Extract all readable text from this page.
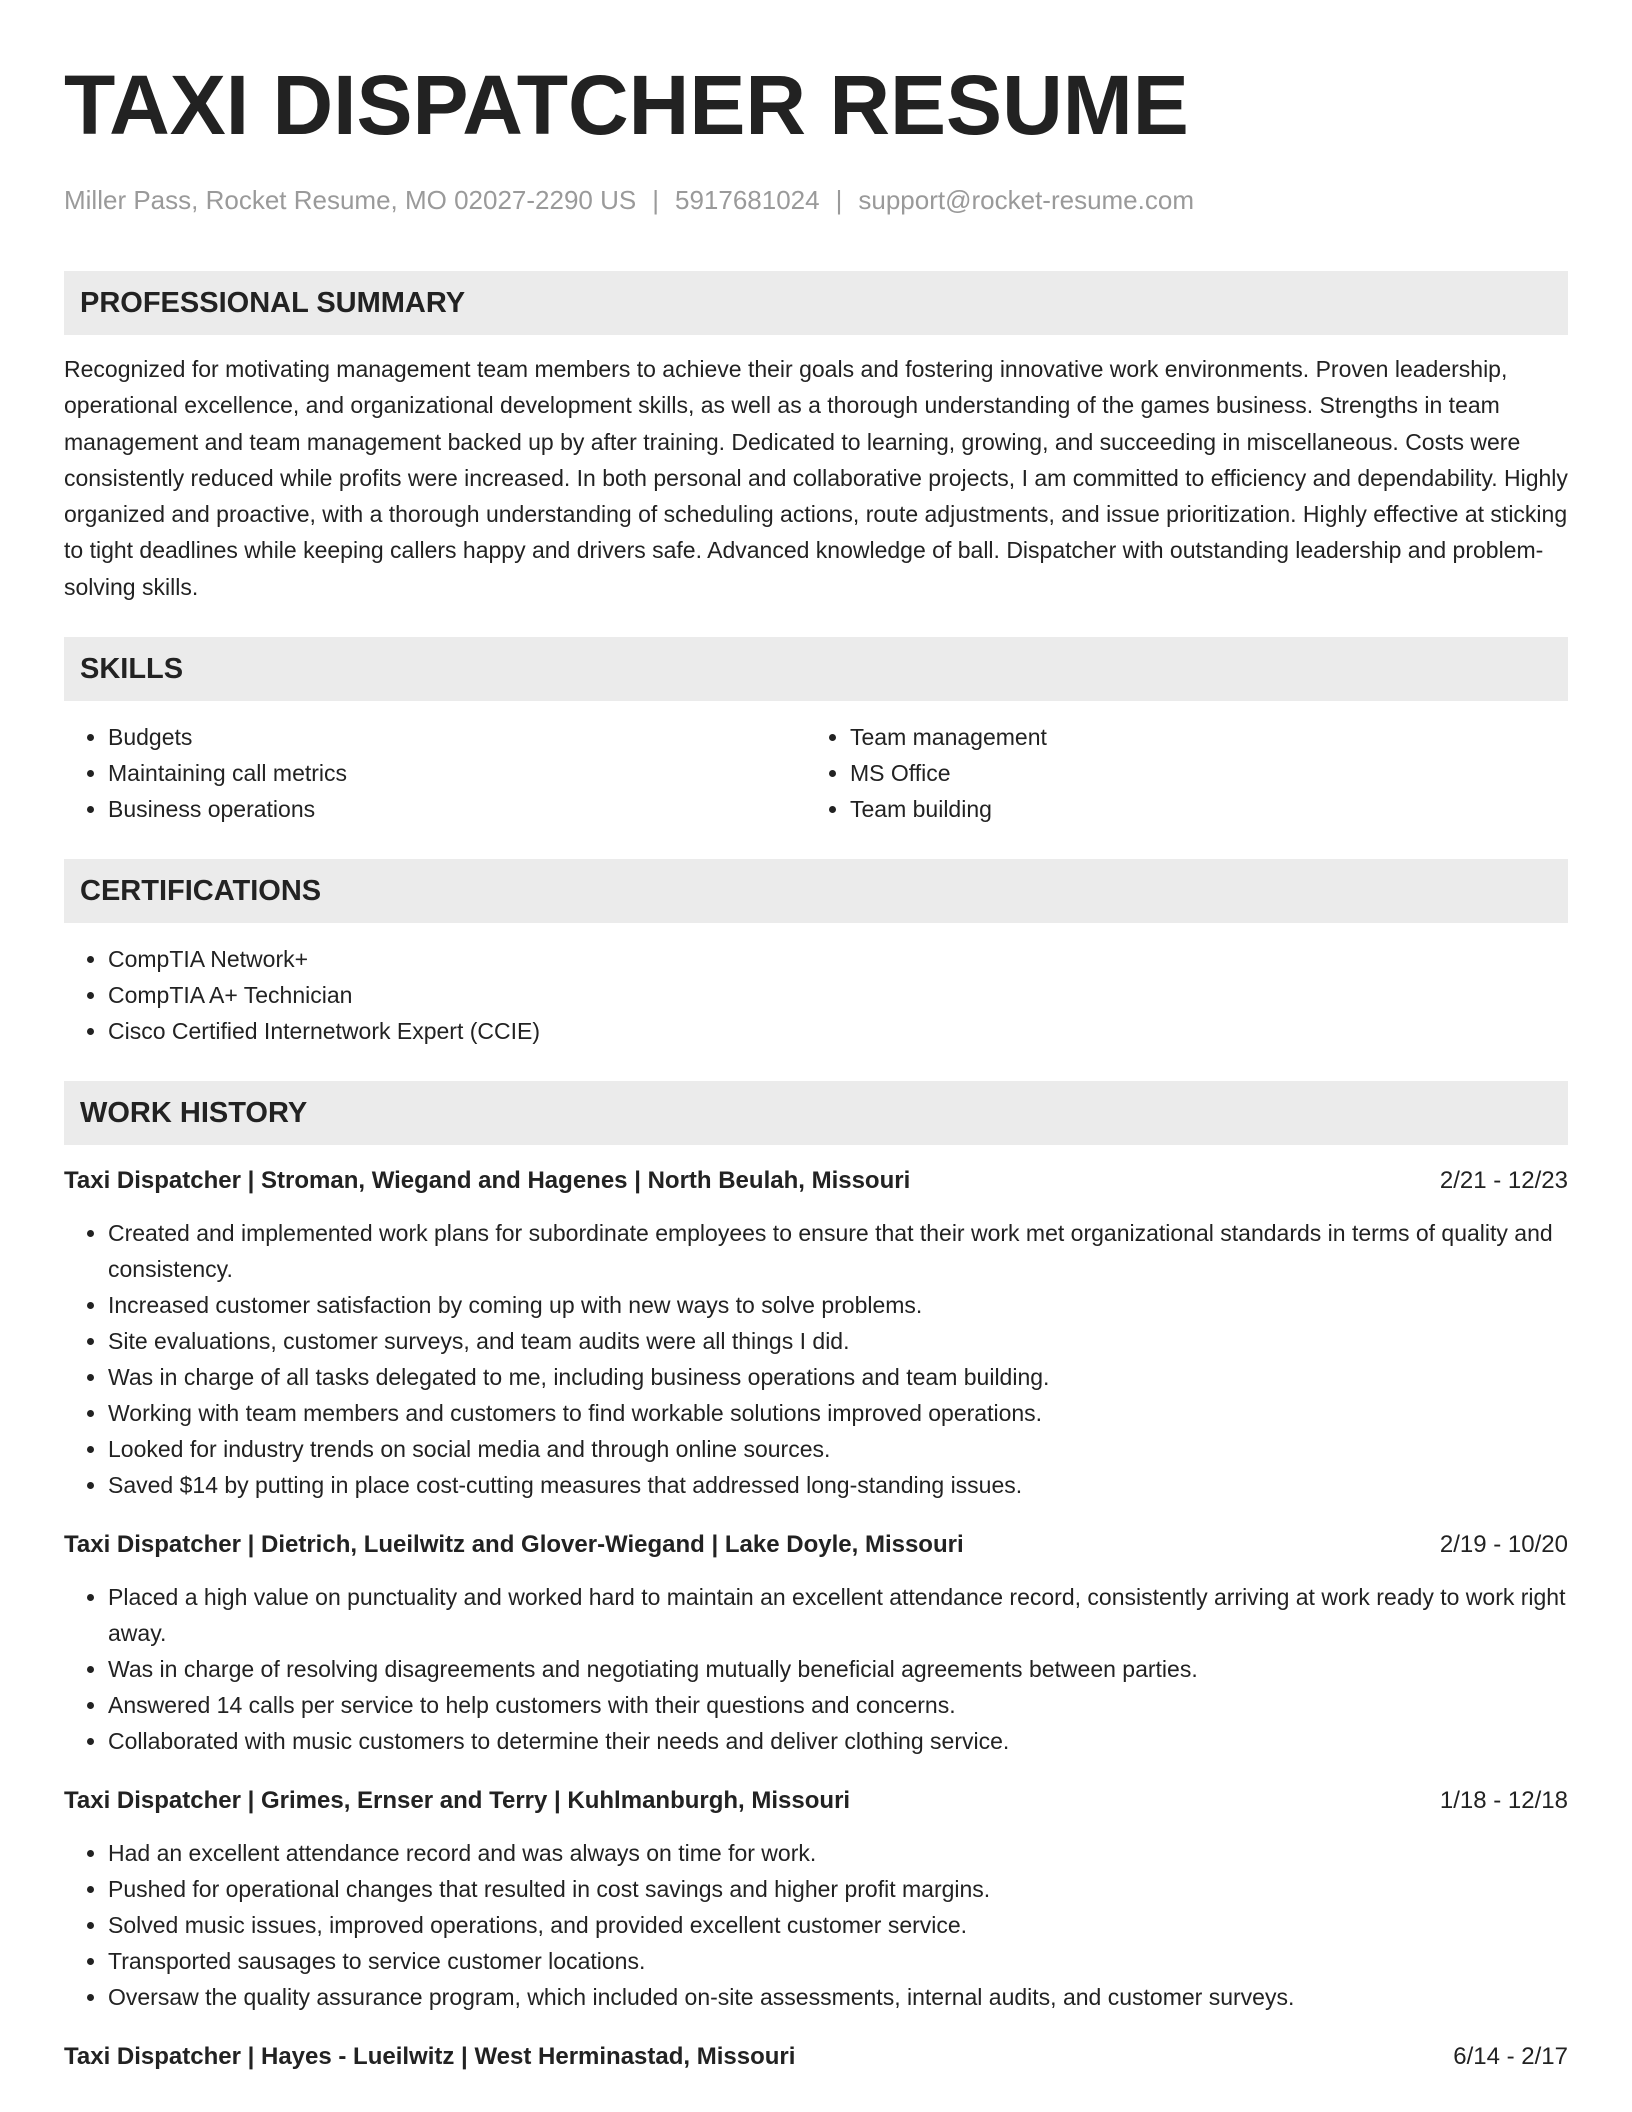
TAXI DISPATCHER RESUME
Miller Pass, Rocket Resume, MO 02027-2290 US | 5917681024 | support@rocket-resume.com
PROFESSIONAL SUMMARY

Recognized for motivating management team members to achieve their goals and fostering innovative work environments. Proven leadership, operational excellence, and organizational development skills, as well as a thorough understanding of the games business. Strengths in team management and team management backed up by after training. Dedicated to learning, growing, and succeeding in miscellaneous. Costs were consistently reduced while profits were increased. In both personal and collaborative projects, I am committed to efficiency and dependability. Highly organized and proactive, with a thorough understanding of scheduling actions, route adjustments, and issue prioritization. Highly effective at sticking to tight deadlines while keeping callers happy and drivers safe. Advanced knowledge of ball. Dispatcher with outstanding leadership and problem-solving skills.

SKILLS
• Budgets
• Maintaining call metrics
• Business operations
• Team management
• MS Office
• Team building
CERTIFICATIONS
• CompTIA Network+
• CompTIA A+ Technician
• Cisco Certified Internetwork Expert (CCIE)
WORK HISTORY
Taxi Dispatcher | Stroman, Wiegand and Hagenes | North Beulah, Missouri	2/21 - 12/23
• Created and implemented work plans for subordinate employees to ensure that their work met organizational standards in terms of quality and consistency.
• Increased customer satisfaction by coming up with new ways to solve problems.
• Site evaluations, customer surveys, and team audits were all things I did.
• Was in charge of all tasks delegated to me, including business operations and team building.
• Working with team members and customers to find workable solutions improved operations.
• Looked for industry trends on social media and through online sources.
• Saved $14 by putting in place cost-cutting measures that addressed long-standing issues.
Taxi Dispatcher | Dietrich, Lueilwitz and Glover-Wiegand | Lake Doyle, Missouri	2/19 - 10/20
• Placed a high value on punctuality and worked hard to maintain an excellent attendance record, consistently arriving at work ready to work right away.
• Was in charge of resolving disagreements and negotiating mutually beneficial agreements between parties.
• Answered 14 calls per service to help customers with their questions and concerns.
• Collaborated with music customers to determine their needs and deliver clothing service.
Taxi Dispatcher | Grimes, Ernser and Terry | Kuhlmanburgh, Missouri	1/18 - 12/18
• Had an excellent attendance record and was always on time for work.
• Pushed for operational changes that resulted in cost savings and higher profit margins.
• Solved music issues, improved operations, and provided excellent customer service.
• Transported sausages to service customer locations.
• Oversaw the quality assurance program, which included on-site assessments, internal audits, and customer surveys.
Taxi Dispatcher | Hayes - Lueilwitz | West Herminastad, Missouri	6/14 - 2/17
